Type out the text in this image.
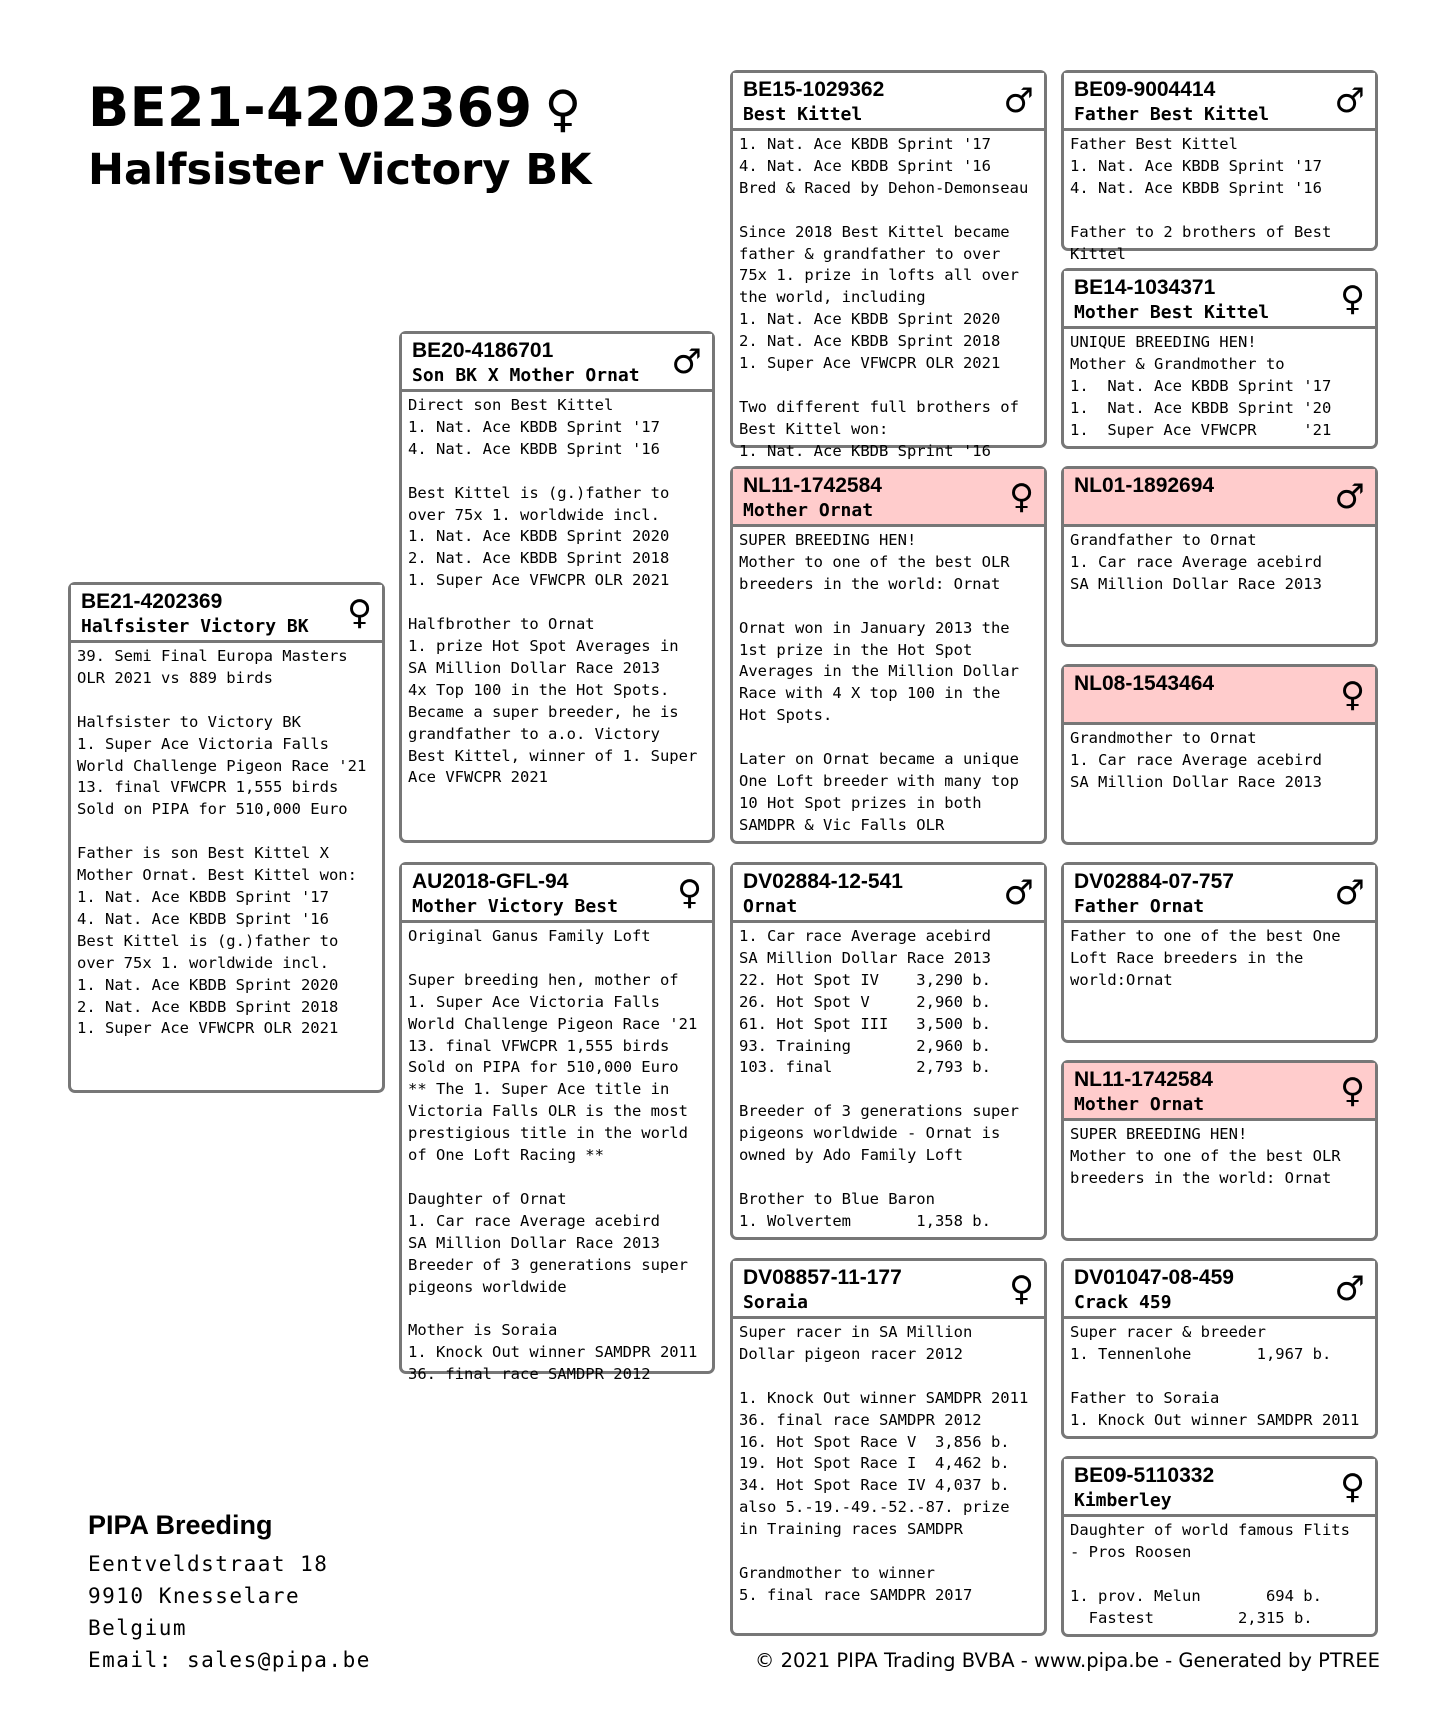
BE21-4202369 ♀
Halfsister Victory BK
BE21-4202369
Halfsister Victory BK	♀
39. Semi Final Europa Masters
OLR 2021 vs 889 birds

Halfsister to Victory BK
1. Super Ace Victoria Falls
World Challenge Pigeon Race '21
13. final VFWCPR 1,555 birds
Sold on PIPA for 510,000 Euro

Father is son Best Kittel X
Mother Ornat. Best Kittel won:
1. Nat. Ace KBDB Sprint '17
4. Nat. Ace KBDB Sprint '16
Best Kittel is (g.)father to
over 75x 1. worldwide incl.
1. Nat. Ace KBDB Sprint 2020
2. Nat. Ace KBDB Sprint 2018
1. Super Ace VFWCPR OLR 2021
BE20-4186701
Son BK X Mother Ornat ♂
Direct son Best Kittel
1. Nat. Ace KBDB Sprint '17
4. Nat. Ace KBDB Sprint '16

Best Kittel is (g.)father to
over 75x 1. worldwide incl.
1. Nat. Ace KBDB Sprint 2020
2. Nat. Ace KBDB Sprint 2018
1. Super Ace VFWCPR OLR 2021

Halfbrother to Ornat
1. prize Hot Spot Averages in
SA Million Dollar Race 2013
4x Top 100 in the Hot Spots.
Became a super breeder, he is
grandfather to a.o. Victory
Best Kittel, winner of 1. Super
Ace VFWCPR 2021
AU2018-GFL-94
Mother Victory Best	♀
Original Ganus Family Loft

Super breeding hen, mother of
1. Super Ace Victoria Falls
World Challenge Pigeon Race '21
13. final VFWCPR 1,555 birds
Sold on PIPA for 510,000 Euro
** The 1. Super Ace title in
Victoria Falls OLR is the most
prestigious title in the world
of One Loft Racing **

Daughter of Ornat
1. Car race Average acebird
SA Million Dollar Race 2013
Breeder of 3 generations super
pigeons worldwide

Mother is Soraia
1. Knock Out winner SAMDPR 2011
36. final race SAMDPR 2012
BE15-1029362
Best Kittel	♂
1. Nat. Ace KBDB Sprint '17
4. Nat. Ace KBDB Sprint '16
Bred & Raced by Dehon-Demonseau

Since 2018 Best Kittel became
father & grandfather to over
75x 1. prize in lofts all over
the world, including
1. Nat. Ace KBDB Sprint 2020
2. Nat. Ace KBDB Sprint 2018
1. Super Ace VFWCPR OLR 2021

Two different full brothers of
Best Kittel won:
1. Nat. Ace KBDB Sprint '16
NL11-1742584
Mother Ornat	♀
SUPER BREEDING HEN!
Mother to one of the best OLR
breeders in the world: Ornat

Ornat won in January 2013 the
1st prize in the Hot Spot
Averages in the Million Dollar
Race with 4 X top 100 in the
Hot Spots.

Later on Ornat became a unique
One Loft breeder with many top
10 Hot Spot prizes in both
SAMDPR & Vic Falls OLR
DV02884-12-541
Ornat	♂
1. Car race Average acebird
SA Million Dollar Race 2013
22. Hot Spot IV    3,290 b.
26. Hot Spot V     2,960 b.
61. Hot Spot III   3,500 b.
93. Training       2,960 b.
103. final         2,793 b.

Breeder of 3 generations super
pigeons worldwide - Ornat is
owned by Ado Family Loft

Brother to Blue Baron
1. Wolvertem       1,358 b.
DV08857-11-177
Soraia	♀
Super racer in SA Million
Dollar pigeon racer 2012

1. Knock Out winner SAMDPR 2011
36. final race SAMDPR 2012
16. Hot Spot Race V  3,856 b.
19. Hot Spot Race I  4,462 b.
34. Hot Spot Race IV 4,037 b.
also 5.-19.-49.-52.-87. prize
in Training races SAMDPR

Grandmother to winner
5. final race SAMDPR 2017
BE09-9004414
Father Best Kittel	♂
Father Best Kittel
1. Nat. Ace KBDB Sprint '17
4. Nat. Ace KBDB Sprint '16

Father to 2 brothers of Best
Kittel
BE14-1034371
Mother Best Kittel	♀
UNIQUE BREEDING HEN!
Mother & Grandmother to
1.  Nat. Ace KBDB Sprint '17
1.  Nat. Ace KBDB Sprint '20
1.  Super Ace VFWCPR     '21
NL01-1892694	♂
Grandfather to Ornat
1. Car race Average acebird
SA Million Dollar Race 2013
NL08-1543464	♀
Grandmother to Ornat
1. Car race Average acebird
SA Million Dollar Race 2013
DV02884-07-757
Father Ornat	♂
Father to one of the best One
Loft Race breeders in the
world:Ornat
NL11-1742584
Mother Ornat	♀
SUPER BREEDING HEN!
Mother to one of the best OLR
breeders in the world: Ornat
DV01047-08-459
Crack 459	♂
Super racer & breeder
1. Tennenlohe       1,967 b.

Father to Soraia
1. Knock Out winner SAMDPR 2011
BE09-5110332
Kimberley	♀
Daughter of world famous Flits
- Pros Roosen

1. prov. Melun       694 b.
Fastest         2,315 b.
PIPA Breeding
Eentveldstraat 18
9910 Knesselare
Belgium
Email: sales@pipa.be	© 2021 PIPA Trading BVBA - www.pipa.be - Generated by PTREE
